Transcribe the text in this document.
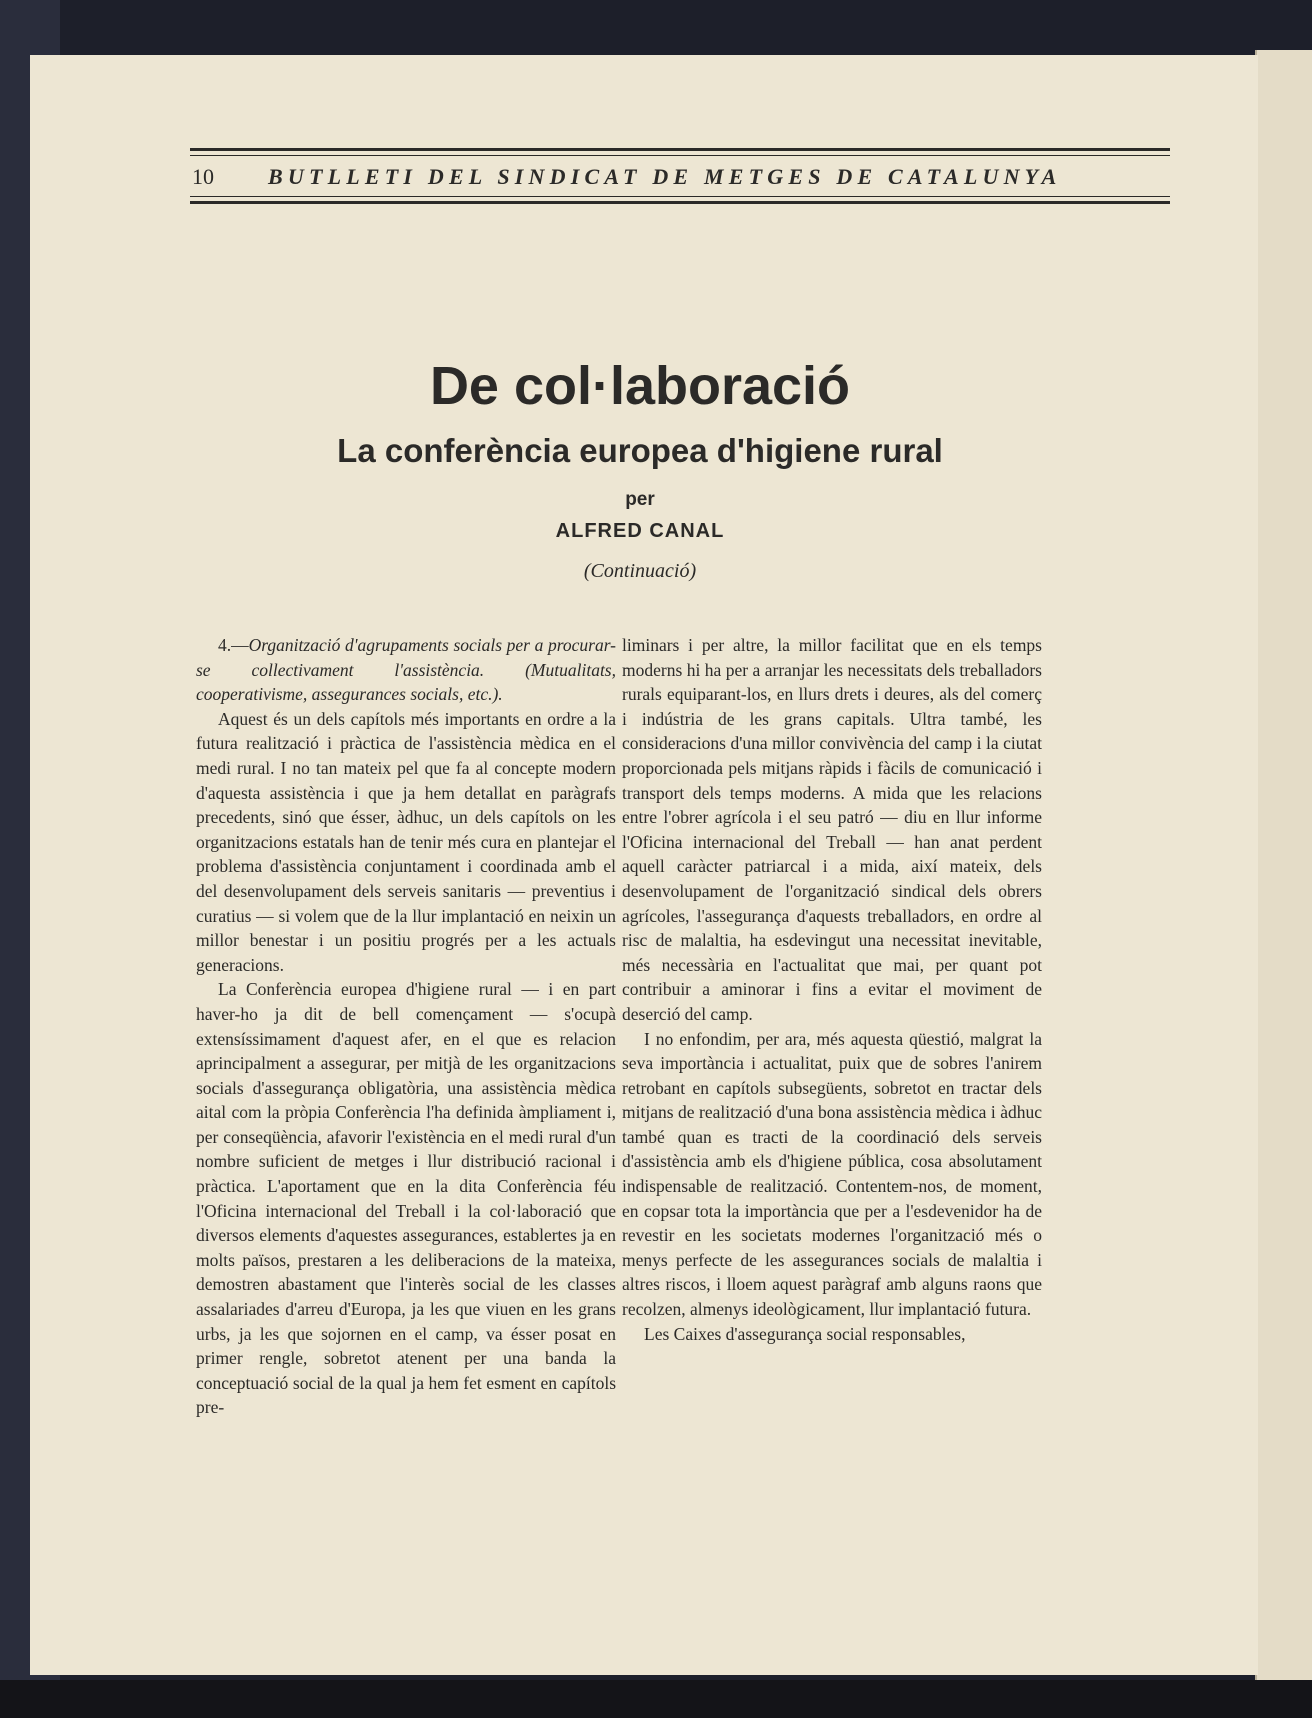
10 BUTLLETI DEL SINDICAT DE METGES DE CATALUNYA
De col·laboració
La conferència europea d'higiene rural
per
ALFRED CANAL
(Continuació)

4.—Organització d'agrupaments socials per a procurar-se collectivament l'assistència. (Mutualitats, cooperativisme, assegurances socials, etc.).

Aquest és un dels capítols més importants en ordre a la futura realització i pràctica de l'assistència mèdica en el medi rural. I no tan mateix pel que fa al concepte modern d'aquesta assistència i que ja hem detallat en paràgrafs precedents, sinó que ésser, àdhuc, un dels capítols on les organitzacions estatals han de tenir més cura en plantejar el problema d'assistència conjuntament i coordinada amb el del desenvolupament dels serveis sanitaris — preventius i curatius — si volem que de la llur implantació en neixin un millor benestar i un positiu progrés per a les actuals generacions.

La Conferència europea d'higiene rural — i en part haver-ho ja dit de bell començament — s'ocupà extensíssimament d'aquest afer, en el que es relacion aprincipalment a assegurar, per mitjà de les organitzacions socials d'assegurança obligatòria, una assistència mèdica aital com la pròpia Conferència l'ha definida àmpliament i, per conseqüència, afavorir l'existència en el medi rural d'un nombre suficient de metges i llur distribució racional i pràctica. L'aportament que en la dita Conferència féu l'Oficina internacional del Treball i la col·laboració que diversos elements d'aquestes assegurances, establertes ja en molts països, prestaren a les deliberacions de la mateixa, demostren abastament que l'interès social de les classes assalariades d'arreu d'Europa, ja les que viuen en les grans urbs, ja les que sojornen en el camp, va ésser posat en primer rengle, sobretot atenent per una banda la conceptuació social de la qual ja hem fet esment en capítols pre-

liminars i per altre, la millor facilitat que en els temps moderns hi ha per a arranjar les necessitats dels treballadors rurals equiparant-los, en llurs drets i deures, als del comerç i indústria de les grans capitals. Ultra també, les consideracions d'una millor convivència del camp i la ciutat proporcionada pels mitjans ràpids i fàcils de comunicació i transport dels temps moderns. A mida que les relacions entre l'obrer agrícola i el seu patró — diu en llur informe l'Oficina internacional del Treball — han anat perdent aquell caràcter patriarcal i a mida, així mateix, dels desenvolupament de l'organització sindical dels obrers agrícoles, l'assegurança d'aquests treballadors, en ordre al risc de malaltia, ha esdevingut una necessitat inevitable, més necessària en l'actualitat que mai, per quant pot contribuir a aminorar i fins a evitar el moviment de deserció del camp.

I no enfondim, per ara, més aquesta qüestió, malgrat la seva importància i actualitat, puix que de sobres l'anirem retrobant en capítols subsegüents, sobretot en tractar dels mitjans de realització d'una bona assistència mèdica i àdhuc també quan es tracti de la coordinació dels serveis d'assistència amb els d'higiene pública, cosa absolutament indispensable de realització. Contentem-nos, de moment, en copsar tota la importància que per a l'esdevenidor ha de revestir en les societats modernes l'organització més o menys perfecte de les assegurances socials de malaltia i altres riscos, i lloem aquest paràgraf amb alguns raons que recolzen, almenys ideològicament, llur implantació futura.

Les Caixes d'assegurança social responsables,
